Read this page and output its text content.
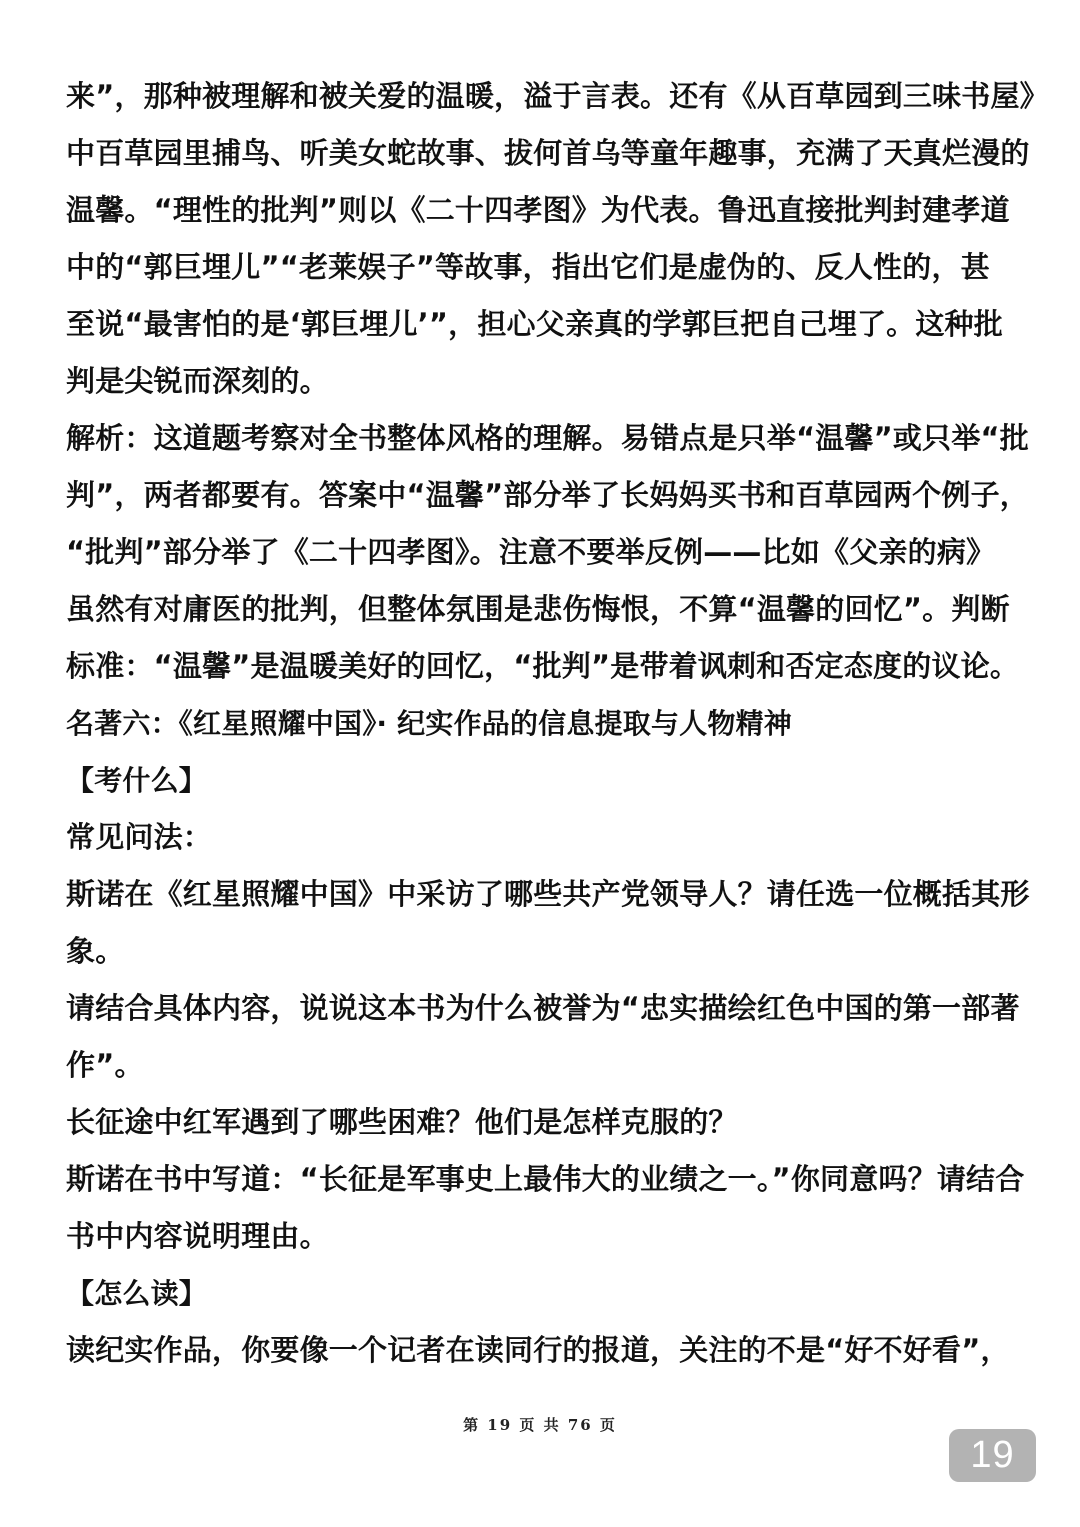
来”，那种被理解和被关爱的温暖，溢于言表。还有《从百草园到三味书屋》
中百草园里捕鸟、听美女蛇故事、拔何首乌等童年趣事，充满了天真烂漫的
温馨。“理性的批判”则以《二十四孝图》为代表。鲁迅直接批判封建孝道
中的“郭巨埋儿”“老莱娱子”等故事，指出它们是虚伪的、反人性的，甚
至说“最害怕的是‘郭巨埋儿’”，担心父亲真的学郭巨把自己埋了。这种批
判是尖锐而深刻的。
解析：这道题考察对全书整体风格的理解。易错点是只举“温馨”或只举“批
判”，两者都要有。答案中“温馨”部分举了长妈妈买书和百草园两个例子，
“批判”部分举了《二十四孝图》。注意不要举反例——比如《父亲的病》
虽然有对庸医的批判，但整体氛围是悲伤悔恨，不算“温馨的回忆”。判断
标准：“温馨”是温暖美好的回忆，“批判”是带着讽刺和否定态度的议论。
名著六：《红星照耀中国》· 纪实作品的信息提取与人物精神
【考什么】
常见问法：
斯诺在《红星照耀中国》中采访了哪些共产党领导人？请任选一位概括其形
象。
请结合具体内容，说说这本书为什么被誉为“忠实描绘红色中国的第一部著
作”。
长征途中红军遇到了哪些困难？他们是怎样克服的？
斯诺在书中写道：“长征是军事史上最伟大的业绩之一。”你同意吗？请结合
书中内容说明理由。
【怎么读】
读纪实作品，你要像一个记者在读同行的报道，关注的不是“好不好看”，
第 19 页 共 76 页
19
